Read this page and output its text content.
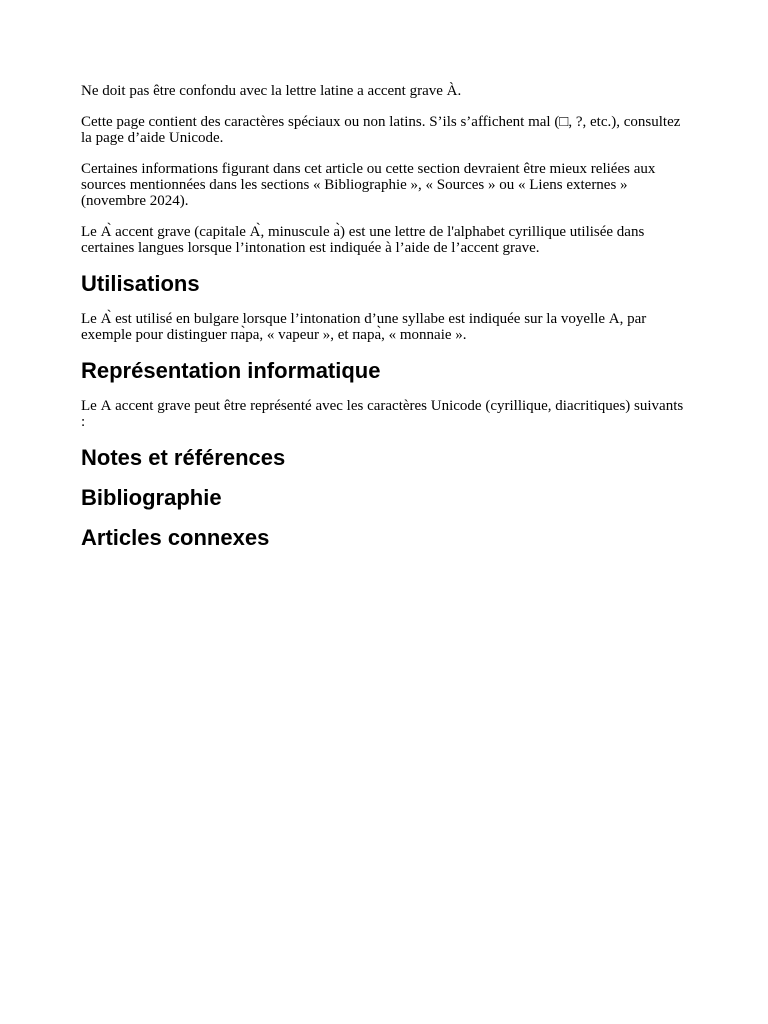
Ne doit pas être confondu avec la lettre latine a accent grave À.

Cette page contient des caractères spéciaux ou non latins. S’ils s’affichent mal (□, ?, etc.), consultez la page d’aide Unicode.

Certaines informations figurant dans cet article ou cette section devraient être mieux reliées aux sources mentionnées dans les sections « Bibliographie », « Sources » ou « Liens externes » (novembre 2024).

Le А̀ accent grave (capitale А̀, minuscule а̀) est une lettre de l'alphabet cyrillique utilisée dans certaines langues lorsque l’intonation est indiquée à l’aide de l’accent grave.

Utilisations

Le А̀ est utilisé en bulgare lorsque l’intonation d’une syllabe est indiquée sur la voyelle А, par exemple pour distinguer па̀ра, « vapeur », et пара̀, « monnaie ».

Représentation informatique

Le А accent grave peut être représenté avec les caractères Unicode (cyrillique, diacritiques) suivants :

Notes et références
Bibliographie
Articles connexes
